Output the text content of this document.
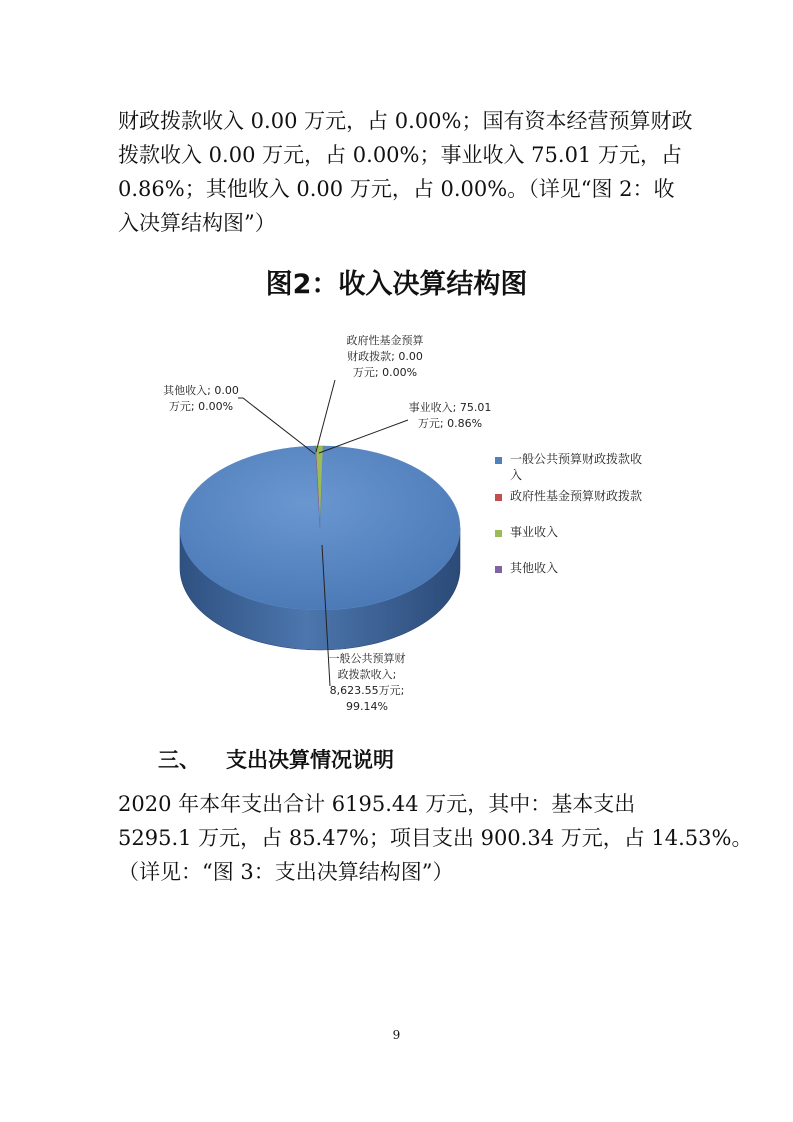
财政拨款收入 0.00 万元，占 0.00%；国有资本经营预算财政
拨款收入 0.00 万元，占 0.00%；事业收入 75.01 万元，占
0.86%；其他收入 0.00 万元，占 0.00%。（详见“图 2：收
入决算结构图”）

图2：收入决算结构图
一般公共预算财政拨款收入; 8,623.55万元; 99.14%
政府性基金预算财政拨款; 0.00 万元; 0.00%
事业收入; 75.01 万元; 0.86%
其他收入; 0.00 万元; 0.00%
一般公共预算财政拨款收入
政府性基金预算财政拨款
事业收入
其他收入
三、 支出决算情况说明

2020 年本年支出合计 6195.44 万元，其中：基本支出
5295.1 万元，占 85.47%；项目支出 900.34 万元，占 14.53%。
（详见：“图 3：支出决算结构图”）

9
